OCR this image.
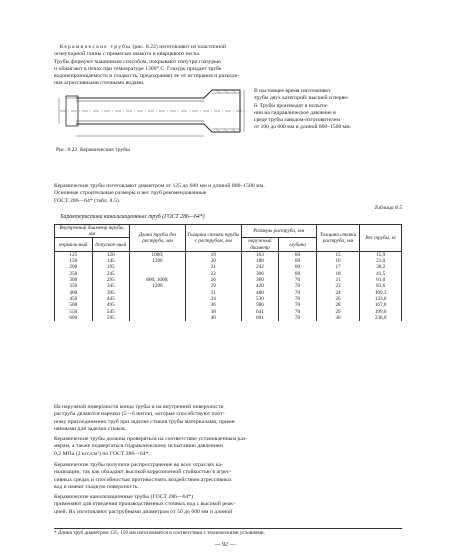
 Керамические трубы (рис. 8.22) изготовляют из пластичной
огнеупорной глины с примесью шамота и кварцевого песка.
Трубы формуют машинным способом, покрывают изнутри глазурью
и обжигают в печах при температуре 1300° С. Глазурь придает трубе
водонепроницаемость и гладкость, предохраняет ее от истирания и разъеде-
ния агрессивными сточными водами.
Рис. 8.22. Керамические трубы
В настоящее время изготовляют
трубы двух категорий: высшей и перво-
й. Трубы производят в испыта-
нии на гидравлическое давление в
среде трубы заводом-изготовителем
от 100 до 600 мм и длиной 800–1500 мм.
Керамические трубы изготовляют диаметром от 125 до 600 мм и длиной 800–1500 мм.
Основные строительные размеры и вес труб рекомендованные
ГОСТ 286—64* (табл. 8.5).
Таблица 8.5
Характеристика канализационных труб (ГОСТ 286—64*)
Внутренний диаметр трубы, мм		Длина трубы без раструба, мм	Толщина стенки трубы с раструбом, мм	Размеры раструба, мм		Толщина стенки раструба, мм	Вес трубы, кг
нормаль-ный	допускае-мый			наружный диаметр	глубина		
125	120	1000;	19	163	60	15	15,9
150	145	1200	20	188	60	16	21,0
200	195		21	242	60	17	30,2
250	245		22	306	60	18	41,5
300	295	800; 1000;	26	360	70	21	61,0
350	345	1200	29	420	70	23	83,6
400	395		31	480	70	24	109,3
450	445		34	530	70	26	133,6
500	495		36	586	70	28	167,0
550	545		38	641	70	29	199,0
600	595		40	691	70	30	236,0
На наружной поверхности конца трубы и на внутренней поверхности
раструба делаются нарезки (5—6 ниток), которые способствуют плот-
ному присоединению труб при заделке стыков трубы материалами, приме-
няемыми для заделки стыков.
Керамические трубы должны проверяться на соответствие установленным раз-
мерам, а также подвергаться гидравлическому испытанию давлением
0,2 МПа (2 кгс/см²) по ГОСТ 286—64*.
Керамические трубы получили распространение во всех отраслях ка-
нализации, так как обладают высокой коррозионной стойкостью в агрес-
сивных средах и способностью противостоять воздействию агрессивных
вод и имеют гладкую поверхность.
Керамические канализационные трубы (ГОСТ 286—64*)
применяют для отведения производственных сточных вод с высокой реак-
цией. Их изготовляют раструбными диаметром от 50 до 600 мм и длиной
* Длина труб диаметром 125, 150 мм изготовляется в соответствии с техническими условиями.
— 92 —
